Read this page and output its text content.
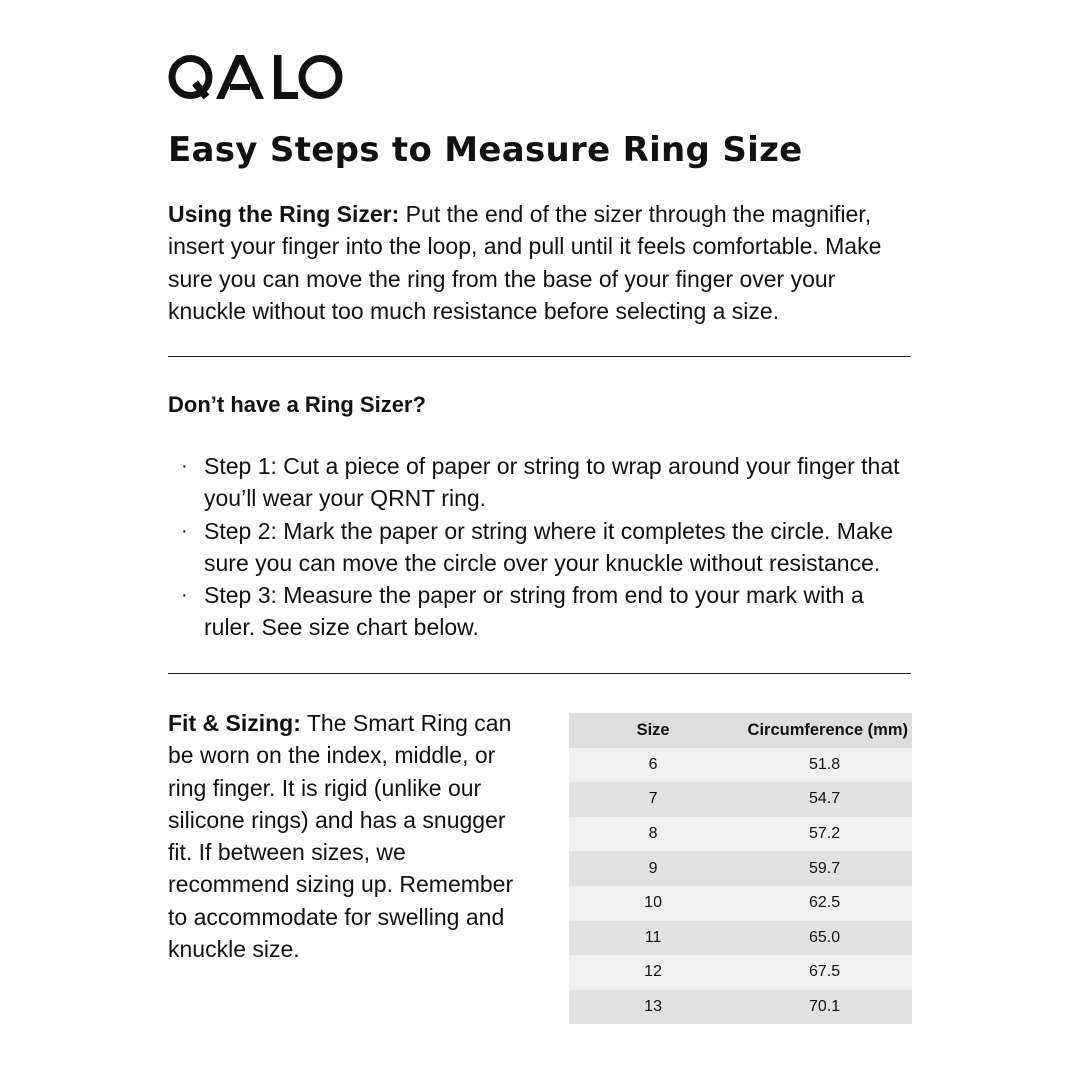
Easy Steps to Measure Ring Size

Using the Ring Sizer: Put the end of the sizer through the magnifier, insert your finger into the loop, and pull until it feels comfortable. Make sure you can move the ring from the base of your finger over your knuckle without too much resistance before selecting a size.

Don’t have a Ring Sizer?
· Step 1: Cut a piece of paper or string to wrap around your finger that you’ll wear your QRNT ring.
· Step 2: Mark the paper or string where it completes the circle. Make sure you can move the circle over your knuckle without resistance.
· Step 3: Measure the paper or string from end to your mark with a ruler. See size chart below.

Fit & Sizing: The Smart Ring can be worn on the index, middle, or ring finger. It is rigid (unlike our silicone rings) and has a snugger fit. If between sizes, we recommend sizing up. Remember to accommodate for swelling and knuckle size.

Size	Circumference (mm)
6	51.8
7	54.7
8	57.2
9	59.7
10	62.5
11	65.0
12	67.5
13	70.1
